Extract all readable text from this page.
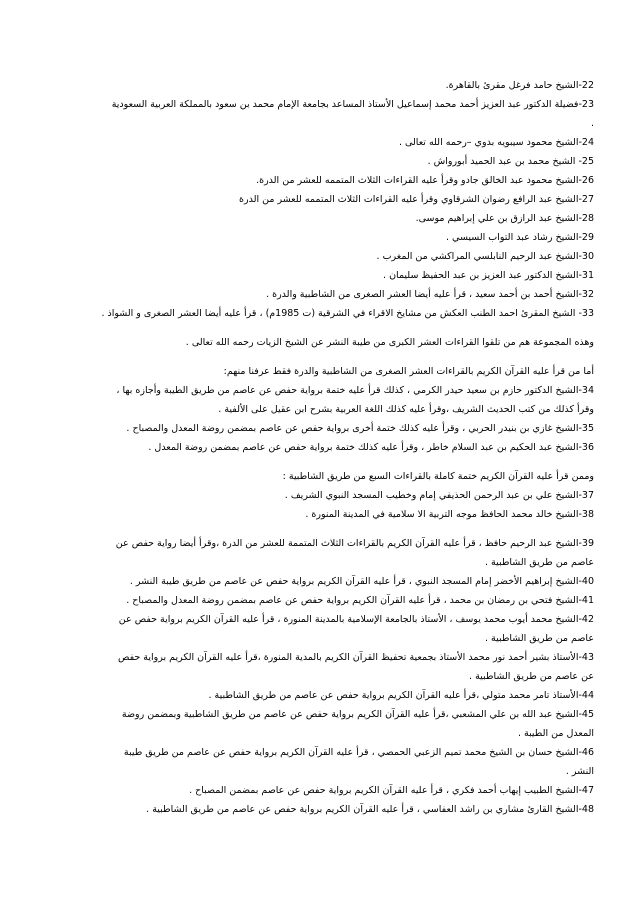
22-الشيخ حامد فرغل مقرئ بالقاهرة.
23-فضيلة الدكتور عبد العزيز أحمد محمد إسماعيل الأستاذ المساعد بجامعة الإمام محمد بن سعود بالمملكة العربية السعودية
.
24-الشيخ محمود سيبويه بدوي –رحمه الله تعالى .
25- الشيخ محمد بن عبد الحميد أبورواش .
26-الشيخ محمود عبد الخالق جادو وقرأ عليه القراءات الثلاث المتممه للعشر من الدرة.
27-الشيخ عبد الرافع رضوان الشرقاوي وقرأ عليه القراءات الثلاث المتممه للعشر من الدرة
28-الشيخ عبد الرازق بن علي إبراهيم موسى.
29-الشيخ رشاد عبد التواب السيسي .
30-الشيخ عبد الرحيم النابلسي المراكشي من المغرب .
31-الشيخ الدكتور عبد العزيز بن عبد الحفيظ سليمان .
32-الشيخ أحمد بن أحمد سعيد ، قرأ عليه أيضا العشر الصغرى من الشاطبية والدرة .
33- الشيخ المقرئ احمد الطنب العكش من مشايخ الاقراء في الشرقية (ت 1985م) ، قرأ عليه أيضا العشر الصغرى و الشواذ .
وهذه المجموعة هم من تلقوا القراءات العشر الكبرى من طيبة النشر عن الشيخ الزيات رحمه الله تعالى .
أما من قرأ عليه القرآن الكريم بالقراءات العشر الصغرى من الشاطبية والدرة فقط عرفنا منهم:
34-الشيخ الدكتور حازم بن سعيد حيدر الكرمي ، كذلك قرأ عليه ختمة برواية حفص عن عاصم من طريق الطيبة وأجازه بها ،
وقرأ كذلك من كتب الحديث الشريف ،وقرأ عليه كذلك اللغة العربية بشرح ابن عقيل على الألفية .
35-الشيخ غازي بن بنيدر الحربي ، وقرأ عليه كذلك ختمة أخرى برواية حفص عن عاصم بمضمن روضة المعدل والمصباح .
36-الشيخ عبد الحكيم بن عبد السلام خاطر ، وقرأ عليه كذلك ختمة برواية حفص عن عاصم بمضمن روضة المعدل .
وممن قرأ عليه القرآن الكريم ختمة كاملة بالقراءات السبع من طريق الشاطبية :
37-الشيخ علي بن عبد الرحمن الحذيفي إمام وخطيب المسجد النبوي الشريف .
38-الشيخ خالد محمد الحافظ موجه التربية الا سلامية في المدينة المنورة .
39-الشيخ عبد الرحيم حافظ ، قرأ عليه القرآن الكريم بالقراءات الثلاث المتممة للعشر من الدرة ،وقرأ أيضا رواية حفص عن
عاصم من طريق الشاطبية .
40-الشيخ إبراهيم الأخضر إمام المسجد النبوي ، قرأ عليه القرآن الكريم برواية حفص عن عاصم من طريق طيبة النشر .
41-الشيخ فتحي بن رمضان بن محمد ، قرأ عليه القرآن الكريم برواية حفص عن عاصم بمضمن روضة المعدل والمصباح .
42-الشيخ محمد أيوب محمد يوسف ، الأستاذ بالجامعة الإسلامية بالمدينة المنورة ، قرأ عليه القرآن الكريم برواية حفص عن
عاصم من طريق الشاطبية .
43-الأستاذ بشير أحمد نور محمد الأستاذ بجمعية تحفيظ القرآن الكريم بالمدية المنورة ،قرأ عليه القرآن الكريم برواية حفص
عن عاصم من طريق الشاطبية .
44-الأستاذ تامر محمد متولي ،قرأ عليه القرآن الكريم برواية حفص عن عاصم من طريق الشاطبية .
45-الشيخ عبد الله بن علي المشعبي ،قرأ عليه القرآن الكريم برواية حفص عن عاصم من طريق الشاطبية وبمضمن روضة
المعدل من الطيبة .
46-الشيخ حسان بن الشيخ محمد تميم الزعبي الحمصي ، قرأ عليه القرآن الكريم برواية حفص عن عاصم من طريق طيبة
النشر .
47-الشيخ الطبيب إيهاب أحمد فكري ، قرأ عليه القرآن الكريم برواية حفص عن عاصم بمضمن المصباح .
48-الشيخ القارئ مشاري بن راشد العفاسي ، قرأ عليه القرآن الكريم برواية حفص عن عاصم من طريق الشاطبية .
